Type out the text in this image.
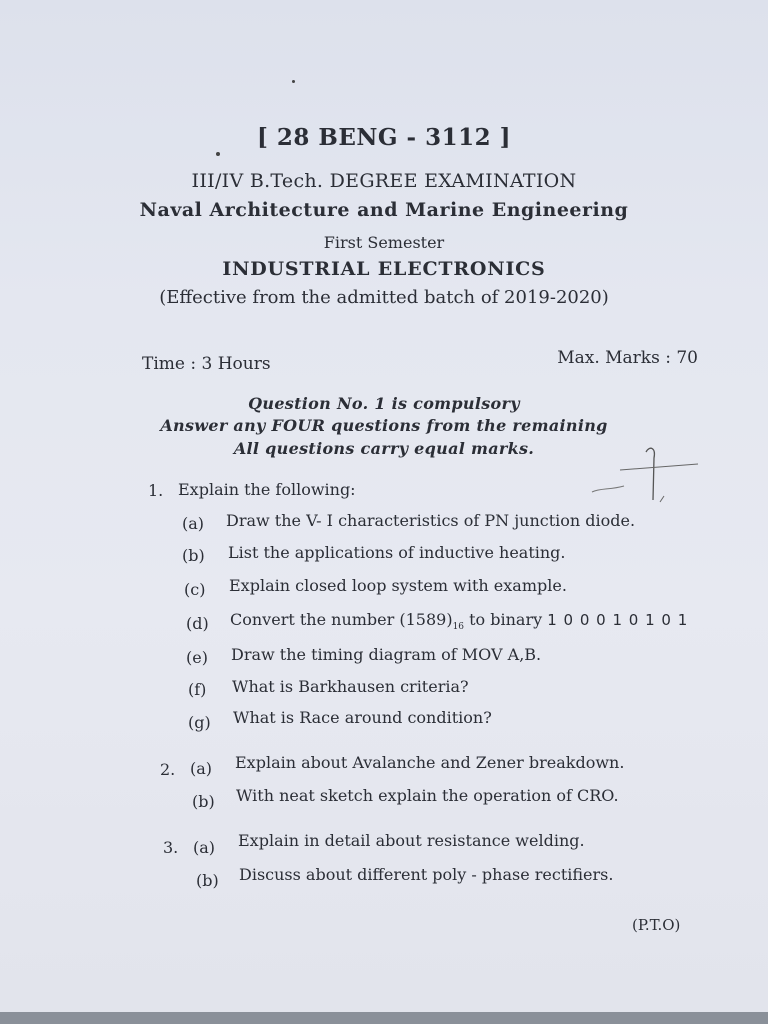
[ 28 BENG - 3112 ]
III/IV B.Tech. DEGREE EXAMINATION
Naval Architecture and Marine Engineering
First Semester
INDUSTRIAL ELECTRONICS
(Effective from the admitted batch of 2019-2020)
Time : 3 Hours	Max. Marks : 70
Question No. 1 is compulsory
Answer any FOUR questions from the remaining
All questions carry equal marks.
1. Explain the following:
(a) Draw the V- I characteristics of PN junction diode.
(b) List the applications of inductive heating.
(c) Explain closed loop system with example.
(d) Convert the number $(1589)_{16}$ to binary 1 0 0 0 1 0 1 0 1
(e) Draw the timing diagram of MOV A,B.
(f) What is Barkhausen criteria?
(g) What is Race around condition?
2. (a) Explain about Avalanche and Zener breakdown.
(b) With neat sketch explain the operation of CRO.
3. (a) Explain in detail about resistance welding.
(b) Discuss about different poly - phase rectifiers.
(P.T.O)
